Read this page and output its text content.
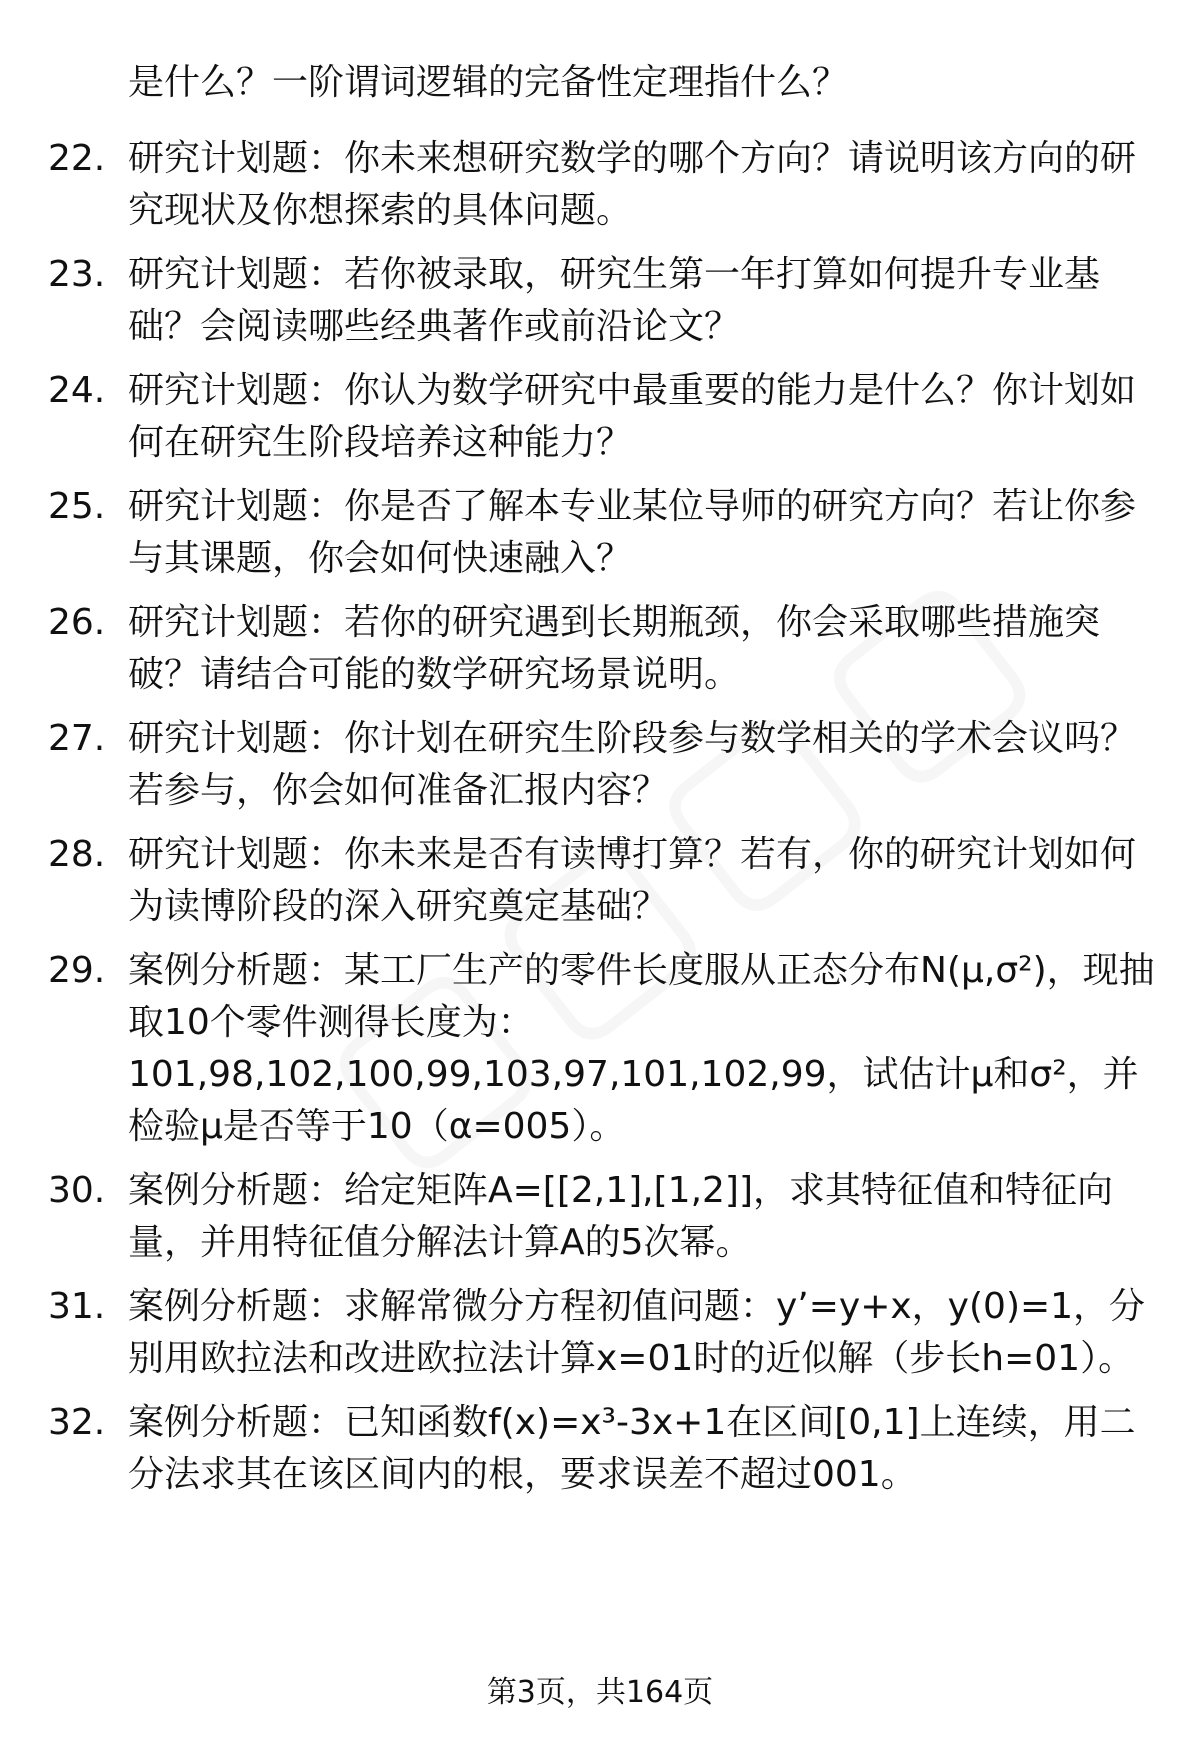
是什么？一阶谓词逻辑的完备性定理指什么？
22. 研究计划题：你未来想研究数学的哪个方向？请说明该方向的研究现状及你想探索的具体问题。
23. 研究计划题：若你被录取，研究生第一年打算如何提升专业基础？会阅读哪些经典著作或前沿论文？
24. 研究计划题：你认为数学研究中最重要的能力是什么？你计划如何在研究生阶段培养这种能力？
25. 研究计划题：你是否了解本专业某位导师的研究方向？若让你参与其课题，你会如何快速融入？
26. 研究计划题：若你的研究遇到长期瓶颈，你会采取哪些措施突破？请结合可能的数学研究场景说明。
27. 研究计划题：你计划在研究生阶段参与数学相关的学术会议吗？若参与，你会如何准备汇报内容？
28. 研究计划题：你未来是否有读博打算？若有，你的研究计划如何为读博阶段的深入研究奠定基础？
29. 案例分析题：某工厂生产的零件长度服从正态分布N(μ,σ²)，现抽取10个零件测得长度为：101,98,102,100,99,103,97,101,102,99，试估计μ和σ²，并检验μ是否等于10（α=005）。
30. 案例分析题：给定矩阵A=[[2,1],[1,2]]，求其特征值和特征向量，并用特征值分解法计算A的5次幂。
31. 案例分析题：求解常微分方程初值问题：y’=y+x，y(0)=1，分别用欧拉法和改进欧拉法计算x=01时的近似解（步长h=01）。
32. 案例分析题：已知函数f(x)=x³-3x+1在区间[0,1]上连续，用二分法求其在该区间内的根，要求误差不超过001。
第3页，共164页
